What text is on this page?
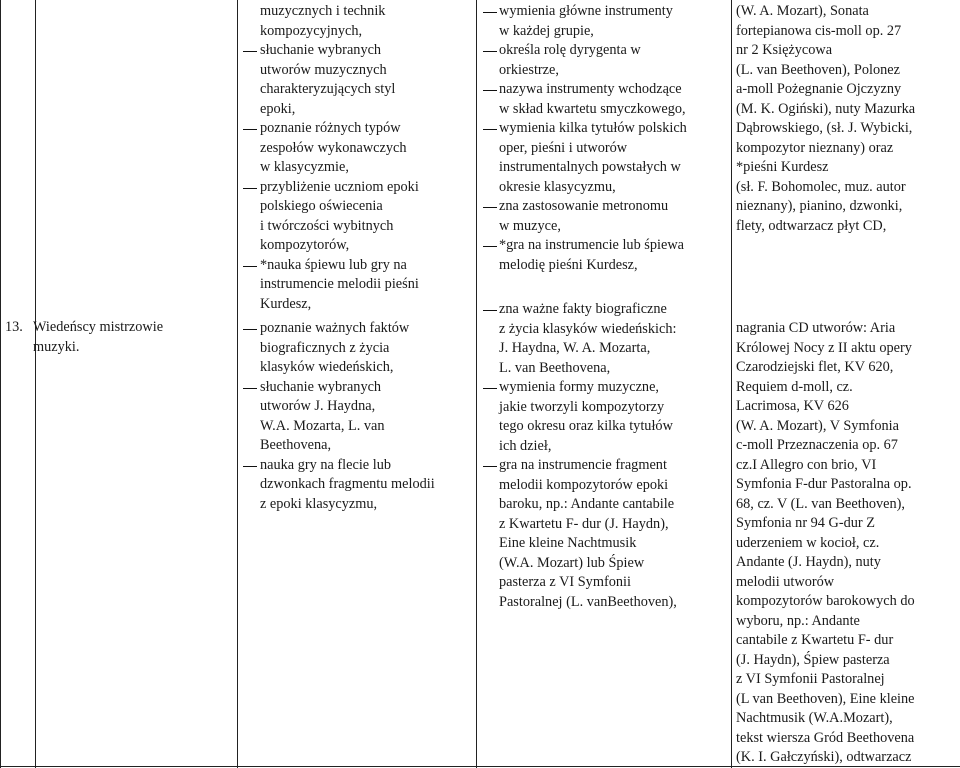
13. Wiedeńscy mistrzowie
muzyki.
muzycznych i technik
kompozycyjnych,
słuchanie wybranych
utworów muzycznych
charakteryzujących styl
epoki,
poznanie różnych typów
zespołów wykonawczych
w klasycyzmie,
przybliżenie uczniom epoki
polskiego oświecenia
i twórczości wybitnych
kompozytorów,
*nauka śpiewu lub gry na
instrumencie melodii pieśni
Kurdesz,
poznanie ważnych faktów
biograficznych z życia
klasyków wiedeńskich,
słuchanie wybranych
utworów J. Haydna,
W.A. Mozarta, L. van
Beethovena,
nauka gry na flecie lub
dzwonkach fragmentu melodii
z epoki klasycyzmu,
wymienia główne instrumenty
w każdej grupie,
określa rolę dyrygenta w
orkiestrze,
nazywa instrumenty wchodzące
w skład kwartetu smyczkowego,
wymienia kilka tytułów polskich
oper, pieśni i utworów
instrumentalnych powstałych w
okresie klasycyzmu,
zna zastosowanie metronomu
w muzyce,
*gra na instrumencie lub śpiewa
melodię pieśni Kurdesz,
zna ważne fakty biograficzne
z życia klasyków wiedeńskich:
J. Haydna, W. A. Mozarta,
L. van Beethovena,
wymienia formy muzyczne,
jakie tworzyli kompozytorzy
tego okresu oraz kilka tytułów
ich dzieł,
gra na instrumencie fragment
melodii kompozytorów epoki
baroku, np.: Andante cantabile
z Kwartetu F- dur (J. Haydn),
Eine kleine Nachtmusik
(W.A. Mozart) lub Śpiew
pasterza z VI Symfonii
Pastoralnej (L. vanBeethoven),
(W. A. Mozart), Sonata
fortepianowa cis-moll op. 27
nr 2 Księżycowa
(L. van Beethoven), Polonez
a-moll Pożegnanie Ojczyzny
(M. K. Ogiński), nuty Mazurka
Dąbrowskiego, (sł. J. Wybicki,
kompozytor nieznany) oraz
*pieśni Kurdesz
(sł. F. Bohomolec, muz. autor
nieznany), pianino, dzwonki,
flety, odtwarzacz płyt CD,
nagrania CD utworów: Aria
Królowej Nocy z II aktu opery
Czarodziejski flet, KV 620,
Requiem d-moll, cz.
Lacrimosa, KV 626
(W. A. Mozart), V Symfonia
c-moll Przeznaczenia op. 67
cz.I Allegro con brio, VI
Symfonia F-dur Pastoralna op.
68, cz. V (L. van Beethoven),
Symfonia nr 94 G-dur Z
uderzeniem w kocioł, cz.
Andante (J. Haydn), nuty
melodii utworów
kompozytorów barokowych do
wyboru, np.: Andante
cantabile z Kwartetu F- dur
(J. Haydn), Śpiew pasterza
z VI Symfonii Pastoralnej
(L van Beethoven), Eine kleine
Nachtmusik (W.A.Mozart),
tekst wiersza Gród Beethovena
(K. I. Gałczyński), odtwarzacz
